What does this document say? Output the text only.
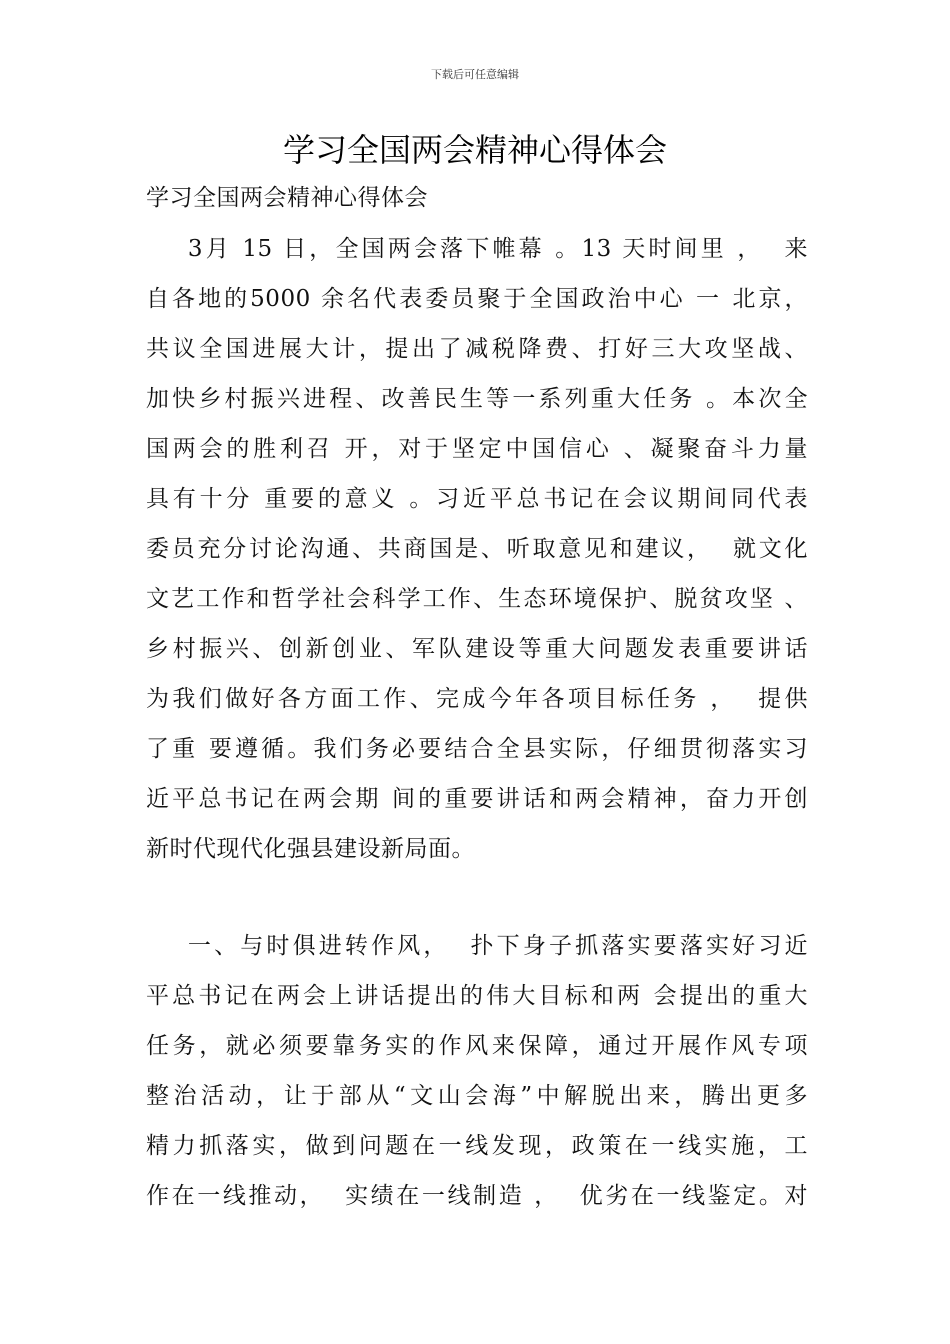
下载后可任意编辑
学习全国两会精神心得体会
学习全国两会精神心得体会
3月 15 日，全国两会落下帷幕 。13 天时间里 ，  来
自各地的5000 余名代表委员聚于全国政治中心 一 北京，
共议全国进展大计，提出了减税降费、打好三大攻坚战、
加快乡村振兴进程、改善民生等一系列重大任务 。本次全
国两会的胜利召 开，对于坚定中国信心 、凝聚奋斗力量
具有十分 重要的意义 。习近平总书记在会议期间同代表
委员充分讨论沟通、共商国是、听取意见和建议，  就文化
文艺工作和哲学社会科学工作、生态环境保护、脱贫攻坚 、
乡村振兴、创新创业、军队建设等重大问题发表重要讲话
为我们做好各方面工作、完成今年各项目标任务 ，  提供
了重 要遵循。我们务必要结合全县实际，仔细贯彻落实习
近平总书记在两会期 间的重要讲话和两会精神，奋力开创
新时代现代化强县建设新局面。
一、与时俱进转作风，  扑下身子抓落实要落实好习近
平总书记在两会上讲话提出的伟大目标和两 会提出的重大
任务，就必须要靠务实的作风来保障，通过开展作风专项
整治活动，让于部从“文山会海”中解脱出来，腾出更多
精力抓落实，做到问题在一线发现，政策在一线实施，工
作在一线推动，  实绩在一线制造 ，  优劣在一线鉴定。对
